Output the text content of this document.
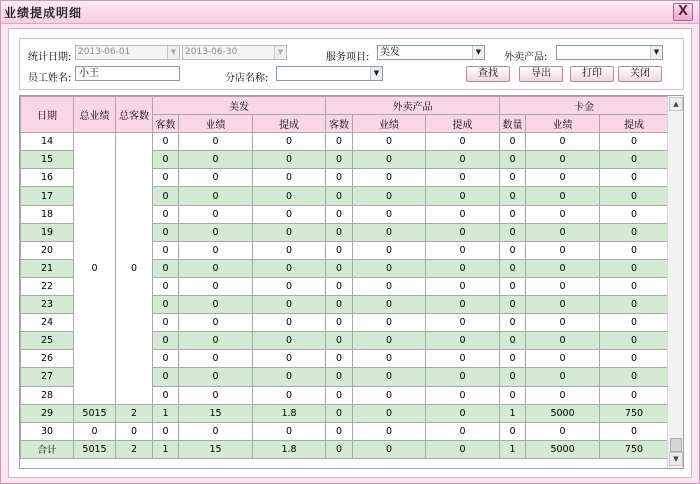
业绩提成明细	X
统计日期: 2013-06-01	▼ 2013-06-30	▼	服务项目:	美发	▼ 外卖产品:	▼
员工姓名: 小王	分店名称:	▼	查找	导出	打印	关闭
日期	总业绩	总客数	美发			外卖产品			卡金		
			客数	业绩	提成	客数	业绩	提成	数量	业绩	提成
14	0	0	0	0	0	0	0	0	0	0	0
15			0	0	0	0	0	0	0	0	0
16			0	0	0	0	0	0	0	0	0
17			0	0	0	0	0	0	0	0	0
18			0	0	0	0	0	0	0	0	0
19			0	0	0	0	0	0	0	0	0
20			0	0	0	0	0	0	0	0	0
21			0	0	0	0	0	0	0	0	0
22			0	0	0	0	0	0	0	0	0
23			0	0	0	0	0	0	0	0	0
24			0	0	0	0	0	0	0	0	0
25			0	0	0	0	0	0	0	0	0
26			0	0	0	0	0	0	0	0	0
27			0	0	0	0	0	0	0	0	0
28			0	0	0	0	0	0	0	0	0
29	5015	2	1	15	1.8	0	0	0	1	5000	750
30	0	0	0	0	0	0	0	0	0	0	0
合计	5015	2	1	15	1.8	0	0	0	1	5000	750
▲
▼
